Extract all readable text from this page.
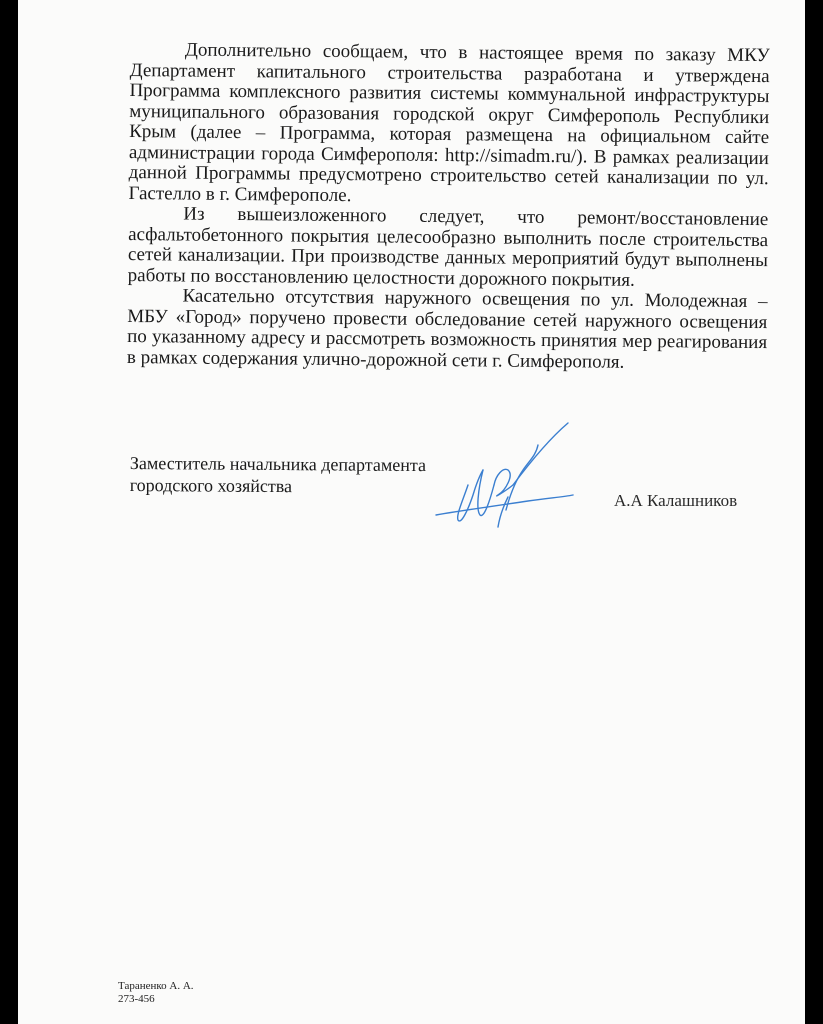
Дополнительно сообщаем, что в настоящее время по заказу МКУ Департамент капитального строительства разработана и утверждена Программа комплексного развития системы коммунальной инфраструктуры муниципального образования городской округ Симферополь Республики Крым (далее – Программа, которая размещена на официальном сайте администрации города Симферополя: http://simadm.ru/). В рамках реализации данной Программы предусмотрено строительство сетей канализации по ул. Гастелло в г. Симферополе.

Из вышеизложенного следует, что ремонт/восстановление асфальтобетонного покрытия целесообразно выполнить после строительства сетей канализации. При производстве данных мероприятий будут выполнены работы по восстановлению целостности дорожного покрытия.

Касательно отсутствия наружного освещения по ул. Молодежная – МБУ «Город» поручено провести обследование сетей наружного освещения по указанному адресу и рассмотреть возможность принятия мер реагирования в рамках содержания улично-дорожной сети г. Симферополя.

Заместитель начальника департамента
городского хозяйства
А.А Калашников
Тараненко А. А.
273-456
